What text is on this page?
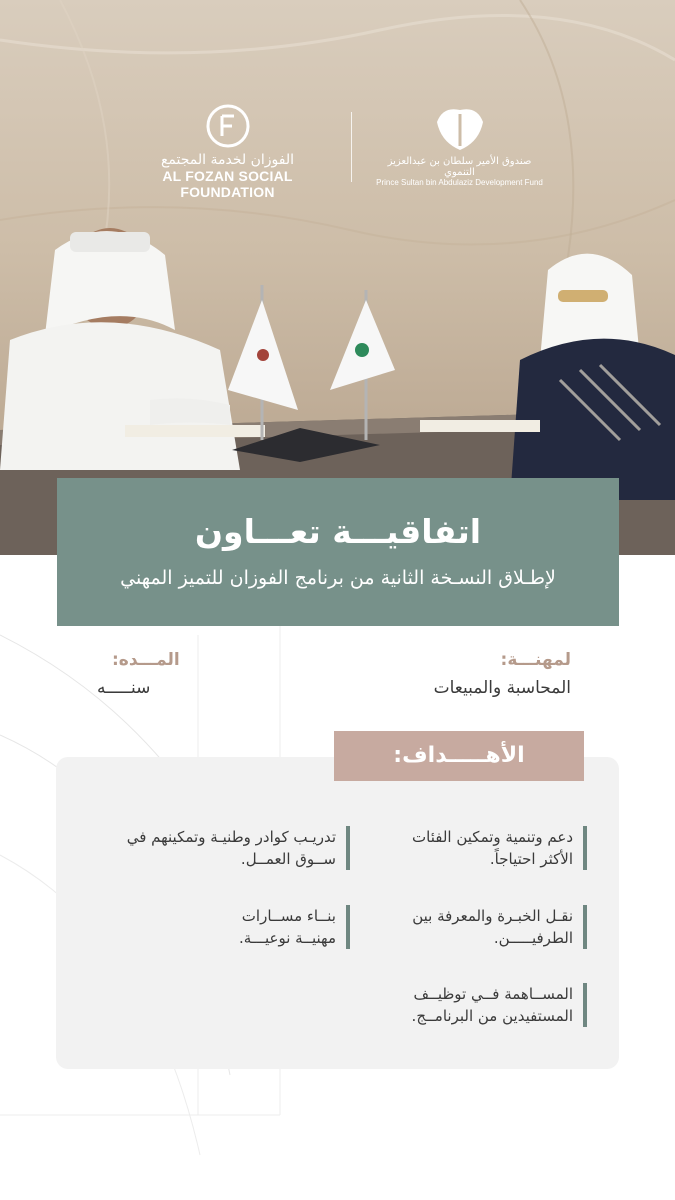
الفوزان لخدمة المجتمع
AL FOZAN SOCIAL FOUNDATION
صندوق الأمير سلطان بن عبدالعزيز التنموي
Prince Sultan bin Abdulaziz Development Fund
اتفاقيـــة تعـــاون
لإطـلاق النسـخة الثانية من برنامج الفوزان للتميز المهني
لمهنـــة:
المحاسبة والمبيعات
المـــده:
سنـــــه
الأهـــــداف:
دعم وتنمية وتمكين الفئات
الأكثر احتياجاً.
تدريـب كوادر وطنيـة وتمكينهم في
ســوق العمــل.
نقـل الخبـرة والمعرفة بين
الطرفيـــــن.
بنــاء مســارات
مهنيــة نوعيـــة.
المســاهمة فــي توظيــف
المستفيدين من البرنامــج.
